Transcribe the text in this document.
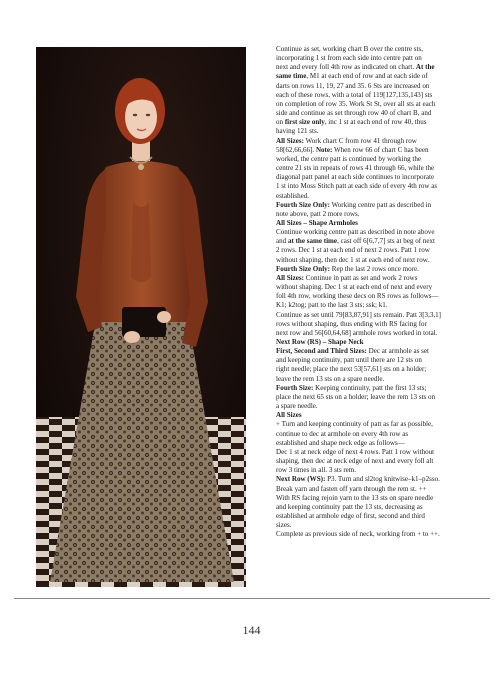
Continue as set, working chart B over the centre sts,

incorporating 1 st from each side into centre patt on

next and every foll 4th row as indicated on chart. At the

same time, M1 at each end of row and at each side of

darts on rows 11, 19, 27 and 35. 6 Sts are increased on

each of these rows, with a total of 119[127,135,143] sts

on completion of row 35. Work St St, over all sts at each

side and continue as set through row 40 of chart B, and

on first size only, inc 1 st at each end of row 40, thus

having 121 sts.

All Sizes: Work chart C from row 41 through row

58[62,66,66]. Note: When row 66 of chart C has been

worked, the centre patt is continued by working the

centre 21 sts in repeats of rows 41 through 66, while the

diagonal patt panel at each side continues to incorporate

1 st into Moss Stitch patt at each side of every 4th row as

established.

Fourth Size Only: Working centre patt as described in

note above, patt 2 more rows.

All Sizes – Shape Armholes

Continue working centre patt as described in note above

and at the same time, cast off 6[6,7,7] sts at beg of next

2 rows. Dec 1 st at each end of next 2 rows. Patt 1 row

without shaping, then dec 1 st at each end of next row.

Fourth Size Only: Rep the last 2 rows once more.

All Sizes: Continue in patt as set and work 2 rows

without shaping. Dec 1 st at each end of next and every

foll 4th row, working these decs on RS rows as follows—

K1; k2tog; patt to the last 3 sts; ssk; k1.

Continue as set until 79[83,87,91] sts remain. Patt 3[3,3,1]

rows without shaping, thus ending with RS facing for

next row and 56[60,64,68] armhole rows worked in total.

Next Row (RS) – Shape Neck

First, Second and Third Sizes: Dec at armhole as set

and keeping continuity, patt until there are 12 sts on

right needle; place the next 53[57,61] sts on a holder;

leave the rem 13 sts on a spare needle.

Fourth Size: Keeping continuity, patt the first 13 sts;

place the next 65 sts on a holder; leave the rem 13 sts on

a spare needle.

All Sizes

+ Turn and keeping continuity of patt as far as possible,

continue to dec at armhole on every 4th row as

established and shape neck edge as follows—

Dec 1 st at neck edge of next 4 rows. Patt 1 row without

shaping, then dec at neck edge of next and every foll alt

row 3 times in all. 3 sts rem.

Next Row (WS): P3. Turn and sl2tog knitwise–k1–p2sso.

Break yarn and fasten off yarn through the rem st. ++

With RS facing rejoin yarn to the 13 sts on spare needle

and keeping continuity patt the 13 sts, decreasing as

established at armhole edge of first, second and third

sizes.

Complete as previous side of neck, working from + to ++.

144
